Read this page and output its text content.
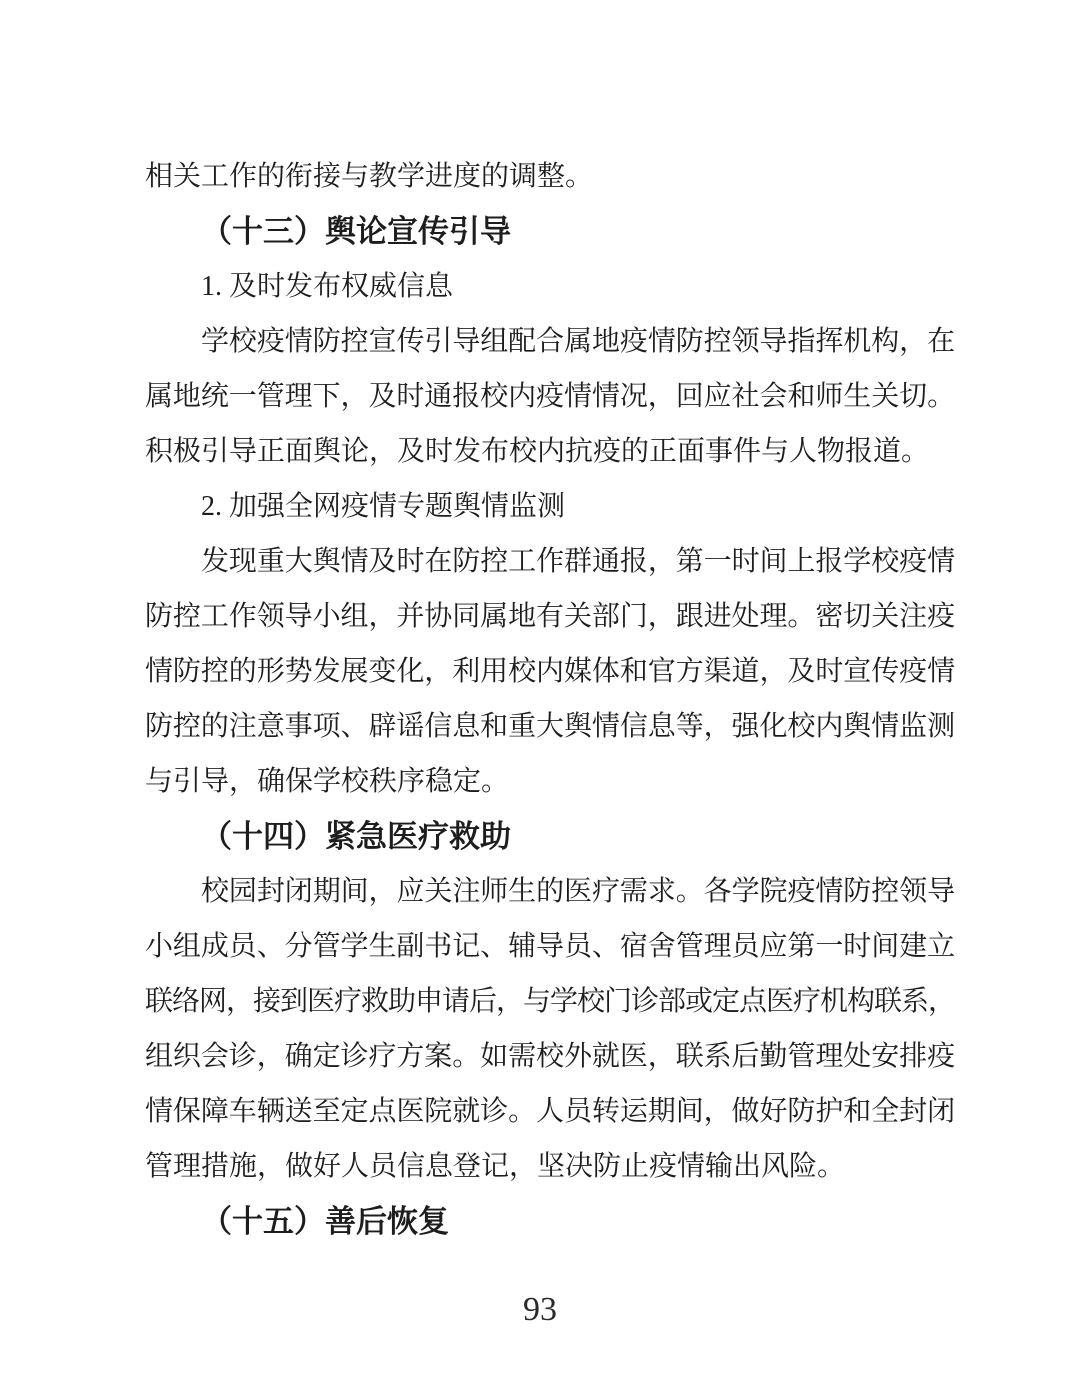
相关工作的衔接与教学进度的调整。
（十三）舆论宣传引导
1. 及时发布权威信息
学校疫情防控宣传引导组配合属地疫情防控领导指挥机构，在
属地统一管理下，及时通报校内疫情情况，回应社会和师生关切。
积极引导正面舆论，及时发布校内抗疫的正面事件与人物报道。
2. 加强全网疫情专题舆情监测
发现重大舆情及时在防控工作群通报，第一时间上报学校疫情
防控工作领导小组，并协同属地有关部门，跟进处理。密切关注疫
情防控的形势发展变化，利用校内媒体和官方渠道，及时宣传疫情
防控的注意事项、辟谣信息和重大舆情信息等，强化校内舆情监测
与引导，确保学校秩序稳定。
（十四）紧急医疗救助
校园封闭期间，应关注师生的医疗需求。各学院疫情防控领导
小组成员、分管学生副书记、辅导员、宿舍管理员应第一时间建立
联络网，接到医疗救助申请后，与学校门诊部或定点医疗机构联系，
组织会诊，确定诊疗方案。如需校外就医，联系后勤管理处安排疫
情保障车辆送至定点医院就诊。人员转运期间，做好防护和全封闭
管理措施，做好人员信息登记，坚决防止疫情输出风险。
（十五）善后恢复
93
